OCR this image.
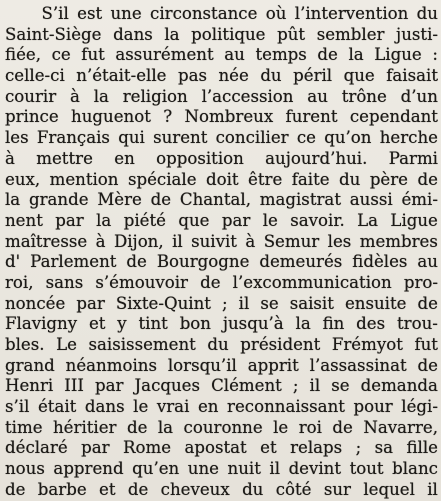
S’il est une circonstance où l’intervention du
Saint-Siège dans la politique pût sembler justi-
fiée, ce fut assurément au temps de la Ligue :
celle-ci n’était-elle pas née du péril que faisait
courir à la religion l’accession au trône d’un
prince huguenot ? Nombreux furent cependant
les Français qui surent concilier ce qu’on herche
à mettre en opposition aujourd’hui. Parmi
eux, mention spéciale doit être faite du père de
la grande Mère de Chantal, magistrat aussi émi-
nent par la piété que par le savoir. La Ligue
maîtresse à Dijon, il suivit à Semur les membres
d' Parlement de Bourgogne demeurés fidèles au
roi, sans s’émouvoir de l’excommunication pro-
noncée par Sixte-Quint ; il se saisit ensuite de
Flavigny et y tint bon jusqu’à la fin des trou-
bles. Le saisissement du président Frémyot fut
grand néanmoins lorsqu’il apprit l’assassinat de
Henri III par Jacques Clément ; il se demanda
s’il était dans le vrai en reconnaissant pour légi-
time héritier de la couronne le roi de Navarre,
déclaré par Rome apostat et relaps ; sa fille
nous apprend qu’en une nuit il devint tout blanc
de barbe et de cheveux du côté sur lequel il
